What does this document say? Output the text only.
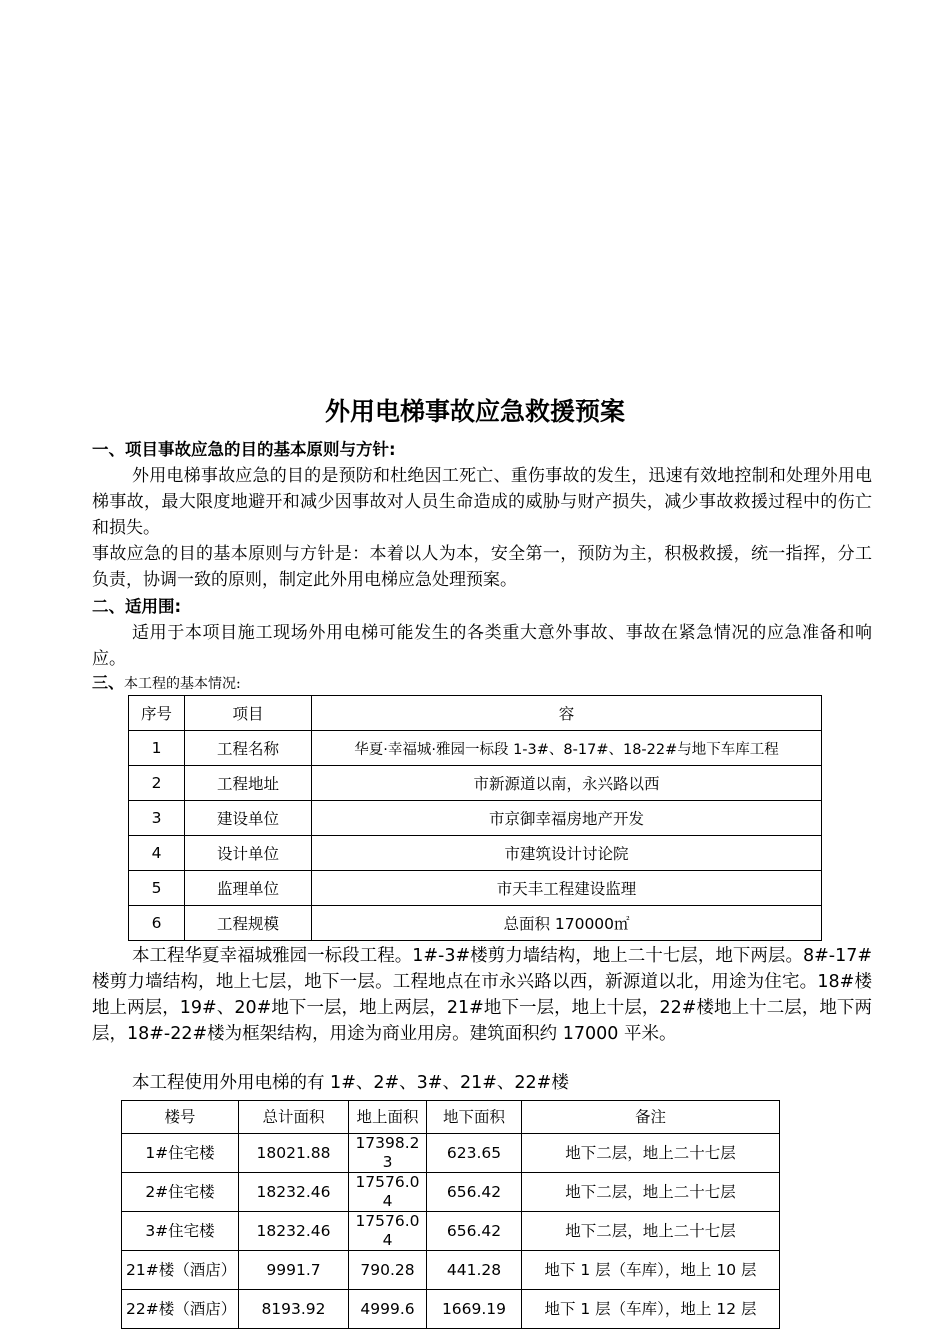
外用电梯事故应急救援预案
一、项目事故应急的目的基本原则与方针:
外用电梯事故应急的目的是预防和杜绝因工死亡、重伤事故的发生，迅速有效地控制和处理外用电梯事故，最大限度地避开和减少因事故对人员生命造成的威胁与财产损失，减少事故救援过程中的伤亡和损失。
事故应急的目的基本原则与方针是：本着以人为本，安全第一，预防为主，积极救援，统一指挥，分工负责，协调一致的原则，制定此外用电梯应急处理预案。
二、适用围:
适用于本项目施工现场外用电梯可能发生的各类重大意外事故、事故在紧急情况的应急准备和响应。
三、本工程的基本情况:
序号	项目	容
1	工程名称	华夏·幸福城·雅园一标段 1-3#、8-17#、18-22#与地下车库工程
2	工程地址	市新源道以南，永兴路以西
3	建设单位	市京御幸福房地产开发
4	设计单位	市建筑设计讨论院
5	监理单位	市天丰工程建设监理
6	工程规模	总面积 170000㎡
本工程华夏幸福城雅园一标段工程。1#-3#楼剪力墙结构，地上二十七层，地下两层。8#-17#楼剪力墙结构，地上七层，地下一层。工程地点在市永兴路以西，新源道以北，用途为住宅。18#楼地上两层，19#、20#地下一层，地上两层，21#地下一层，地上十层，22#楼地上十二层，地下两层，18#-22#楼为框架结构，用途为商业用房。建筑面积约 17000 平米。
本工程使用外用电梯的有 1#、2#、3#、21#、22#楼
楼号	总计面积	地上面积	地下面积	备注
1#住宅楼	18021.88	17398.23	623.65	地下二层，地上二十七层
2#住宅楼	18232.46	17576.04	656.42	地下二层，地上二十七层
3#住宅楼	18232.46	17576.04	656.42	地下二层，地上二十七层
21#楼（酒店）	9991.7	790.28	441.28	地下 1 层（车库），地上 10 层
22#楼（酒店）	8193.92	4999.6	1669.19	地下 1 层（车库），地上 12 层
